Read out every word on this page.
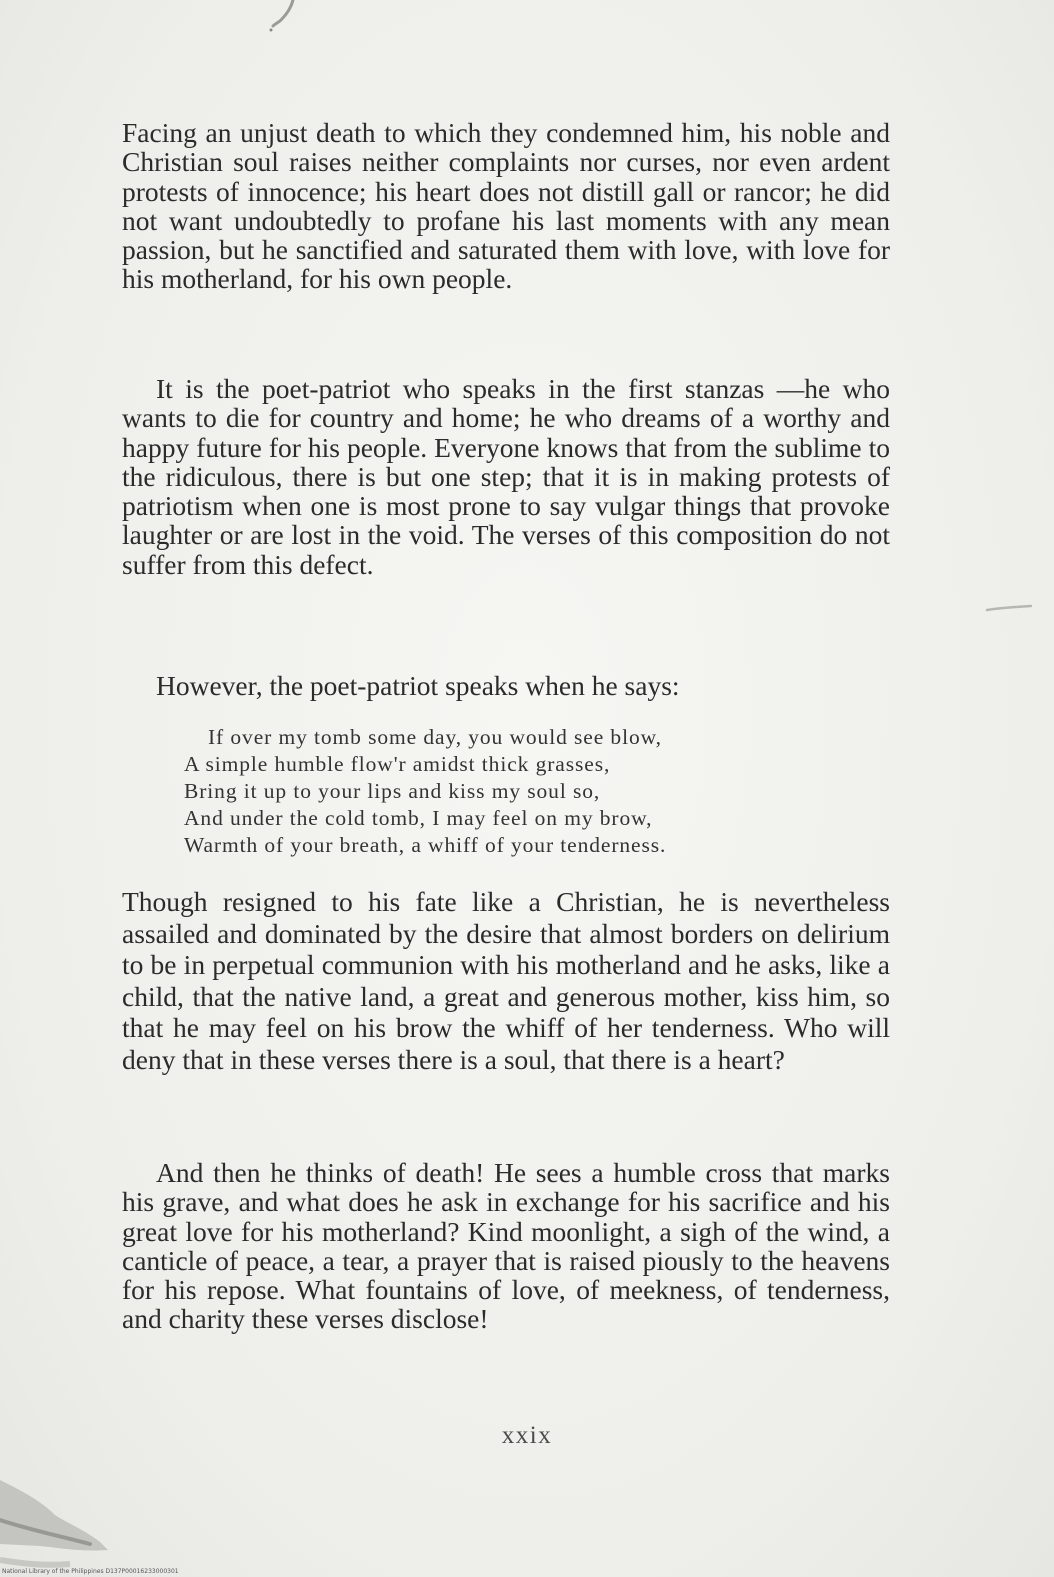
Facing an unjust death to which they condemned him, his noble and Christian soul raises neither complaints nor curses, nor even ardent protests of innocence; his heart does not distill gall or rancor; he did not want undoubtedly to profane his last moments with any mean passion, but he sanctified and saturated them with love, with love for his motherland, for his own people.

It is the poet-patriot who speaks in the first stanzas —he who wants to die for country and home; he who dreams of a worthy and happy future for his people. Everyone knows that from the sublime to the ridiculous, there is but one step; that it is in making protests of patriotism when one is most prone to say vulgar things that provoke laughter or are lost in the void. The verses of this composition do not suffer from this defect.

However, the poet-patriot speaks when he says:

If over my tomb some day, you would see blow,
A simple humble flow'r amidst thick grasses,
Bring it up to your lips and kiss my soul so,
And under the cold tomb, I may feel on my brow,
Warmth of your breath, a whiff of your tenderness.

Though resigned to his fate like a Christian, he is nevertheless assailed and dominated by the desire that almost borders on delirium to be in perpetual communion with his motherland and he asks, like a child, that the native land, a great and generous mother, kiss him, so that he may feel on his brow the whiff of her tenderness. Who will deny that in these verses there is a soul, that there is a heart?

And then he thinks of death! He sees a humble cross that marks his grave, and what does he ask in exchange for his sacrifice and his great love for his motherland? Kind moonlight, a sigh of the wind, a canticle of peace, a tear, a prayer that is raised piously to the heavens for his repose. What fountains of love, of meekness, of tenderness, and charity these verses disclose!

xxix
National Library of the Philippines D137P00016233000301
